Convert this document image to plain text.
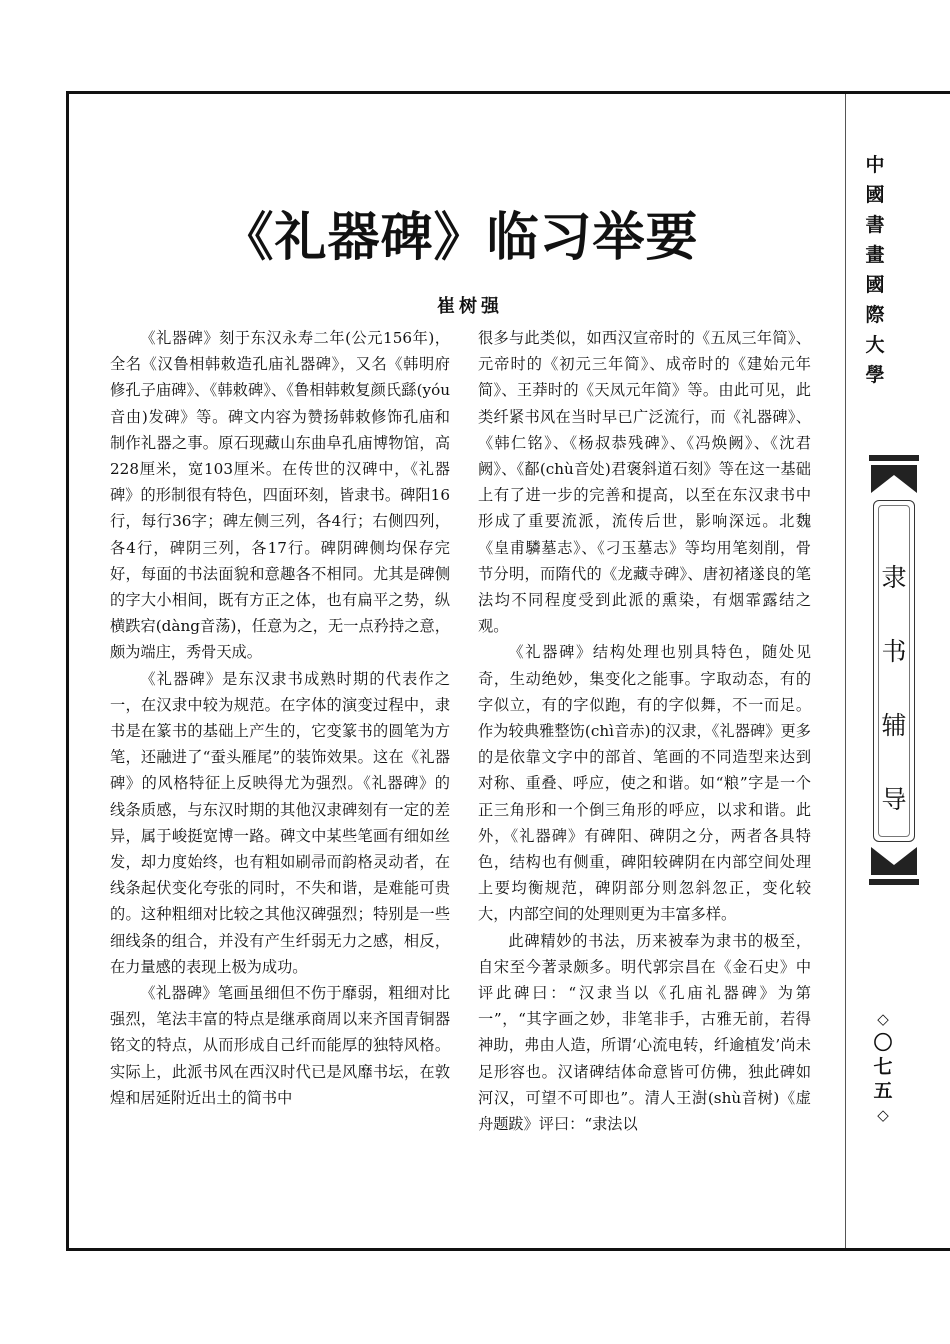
《礼器碑》临习举要
崔树强

《礼器碑》刻于东汉永寿二年(公元156年)，全名《汉鲁相韩敕造孔庙礼器碑》，又名《韩明府修孔子庙碑》、《韩敕碑》、《鲁相韩敕复颜氏繇(yóu音由)发碑》等。碑文内容为赞扬韩敕修饰孔庙和制作礼器之事。原石现藏山东曲阜孔庙博物馆，高228厘米，宽103厘米。在传世的汉碑中，《礼器碑》的形制很有特色，四面环刻，皆隶书。碑阳16行，每行36字；碑左侧三列，各4行；右侧四列，各4行，碑阴三列，各17行。碑阴碑侧均保存完好，每面的书法面貌和意趣各不相同。尤其是碑侧的字大小相间，既有方正之体，也有扁平之势，纵横跌宕(dàng音荡)，任意为之，无一点矜持之意，颇为端庄，秀骨天成。

《礼器碑》是东汉隶书成熟时期的代表作之一，在汉隶中较为规范。在字体的演变过程中，隶书是在篆书的基础上产生的，它变篆书的圆笔为方笔，还融进了“蚕头雁尾”的装饰效果。这在《礼器碑》的风格特征上反映得尤为强烈。《礼器碑》的线条质感，与东汉时期的其他汉隶碑刻有一定的差异，属于峻挺宽博一路。碑文中某些笔画有细如丝发，却力度始终，也有粗如刷帚而韵格灵动者，在线条起伏变化夸张的同时，不失和谐，是难能可贵的。这种粗细对比较之其他汉碑强烈；特别是一些细线条的组合，并没有产生纤弱无力之感，相反，在力量感的表现上极为成功。

《礼器碑》笔画虽细但不伤于靡弱，粗细对比强烈，笔法丰富的特点是继承商周以来齐国青铜器铭文的特点，从而形成自己纤而能厚的独特风格。实际上，此派书风在西汉时代已是风靡书坛，在敦煌和居延附近出土的简书中

很多与此类似，如西汉宣帝时的《五凤三年简》、元帝时的《初元三年简》、成帝时的《建始元年简》、王莽时的《天凤元年简》等。由此可见，此类纤紧书风在当时早已广泛流行，而《礼器碑》、《韩仁铭》、《杨叔恭残碑》、《冯焕阙》、《沈君阙》、《鄐(chù音处)君褒斜道石刻》等在这一基础上有了进一步的完善和提高，以至在东汉隶书中形成了重要流派，流传后世，影响深远。北魏《皇甫驎墓志》、《刁玉墓志》等均用笔刻削，骨节分明，而隋代的《龙藏寺碑》、唐初褚遂良的笔法均不同程度受到此派的熏染，有烟霏露结之观。

《礼器碑》结构处理也别具特色，随处见奇，生动绝妙，集变化之能事。字取动态，有的字似立，有的字似跑，有的字似舞，不一而足。作为较典雅整饬(chì音赤)的汉隶，《礼器碑》更多的是依靠文字中的部首、笔画的不同造型来达到对称、重叠、呼应，使之和谐。如“粮”字是一个正三角形和一个倒三角形的呼应，以求和谐。此外，《礼器碑》有碑阳、碑阴之分，两者各具特色，结构也有侧重，碑阳较碑阴在内部空间处理上要均衡规范，碑阴部分则忽斜忽正，变化较大，内部空间的处理则更为丰富多样。

此碑精妙的书法，历来被奉为隶书的极至，自宋至今著录颇多。明代郭宗昌在《金石史》中评此碑曰：“汉隶当以《孔庙礼器碑》为第一”，“其字画之妙，非笔非手，古雅无前，若得神助，弗由人造，所谓‘心流电转，纤逾植发’尚未足形容也。汉诸碑结体命意皆可仿佛，独此碑如河汉，可望不可即也”。清人王澍(shù音树)《虚舟题跋》评曰：“隶法以

中
國
書
畫
國
際
大
學
隶
书
辅
导
◇
〇
七
五
◇
